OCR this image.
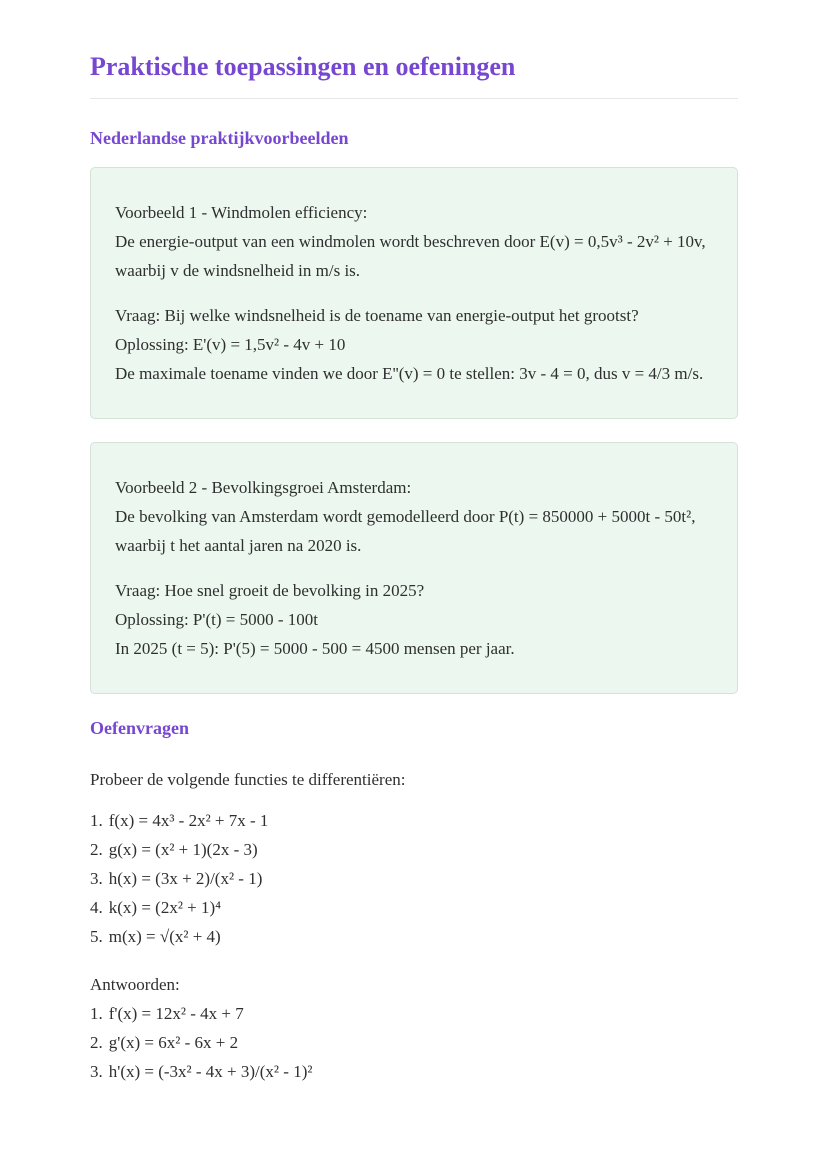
Praktische toepassingen en oefeningen
Nederlandse praktijkvoorbeelden
Voorbeeld 1 - Windmolen efficiency:
De energie-output van een windmolen wordt beschreven door E(v) = 0,5v³ - 2v² + 10v,
waarbij v de windsnelheid in m/s is.
Vraag: Bij welke windsnelheid is de toename van energie-output het grootst?
Oplossing: E'(v) = 1,5v² - 4v + 10
De maximale toename vinden we door E''(v) = 0 te stellen: 3v - 4 = 0, dus v = 4/3 m/s.
Voorbeeld 2 - Bevolkingsgroei Amsterdam:
De bevolking van Amsterdam wordt gemodelleerd door P(t) = 850000 + 5000t - 50t²,
waarbij t het aantal jaren na 2020 is.
Vraag: Hoe snel groeit de bevolking in 2025?
Oplossing: P'(t) = 5000 - 100t
In 2025 (t = 5): P'(5) = 5000 - 500 = 4500 mensen per jaar.
Oefenvragen

Probeer de volgende functies te differentiëren:

1. f(x) = 4x³ - 2x² + 7x - 1
2. g(x) = (x² + 1)(2x - 3)
3. h(x) = (3x + 2)/(x² - 1)
4. k(x) = (2x² + 1)⁴
5. m(x) = √(x² + 4)
Antwoorden:
1. f'(x) = 12x² - 4x + 7
2. g'(x) = 6x² - 6x + 2
3. h'(x) = (-3x² - 4x + 3)/(x² - 1)²
